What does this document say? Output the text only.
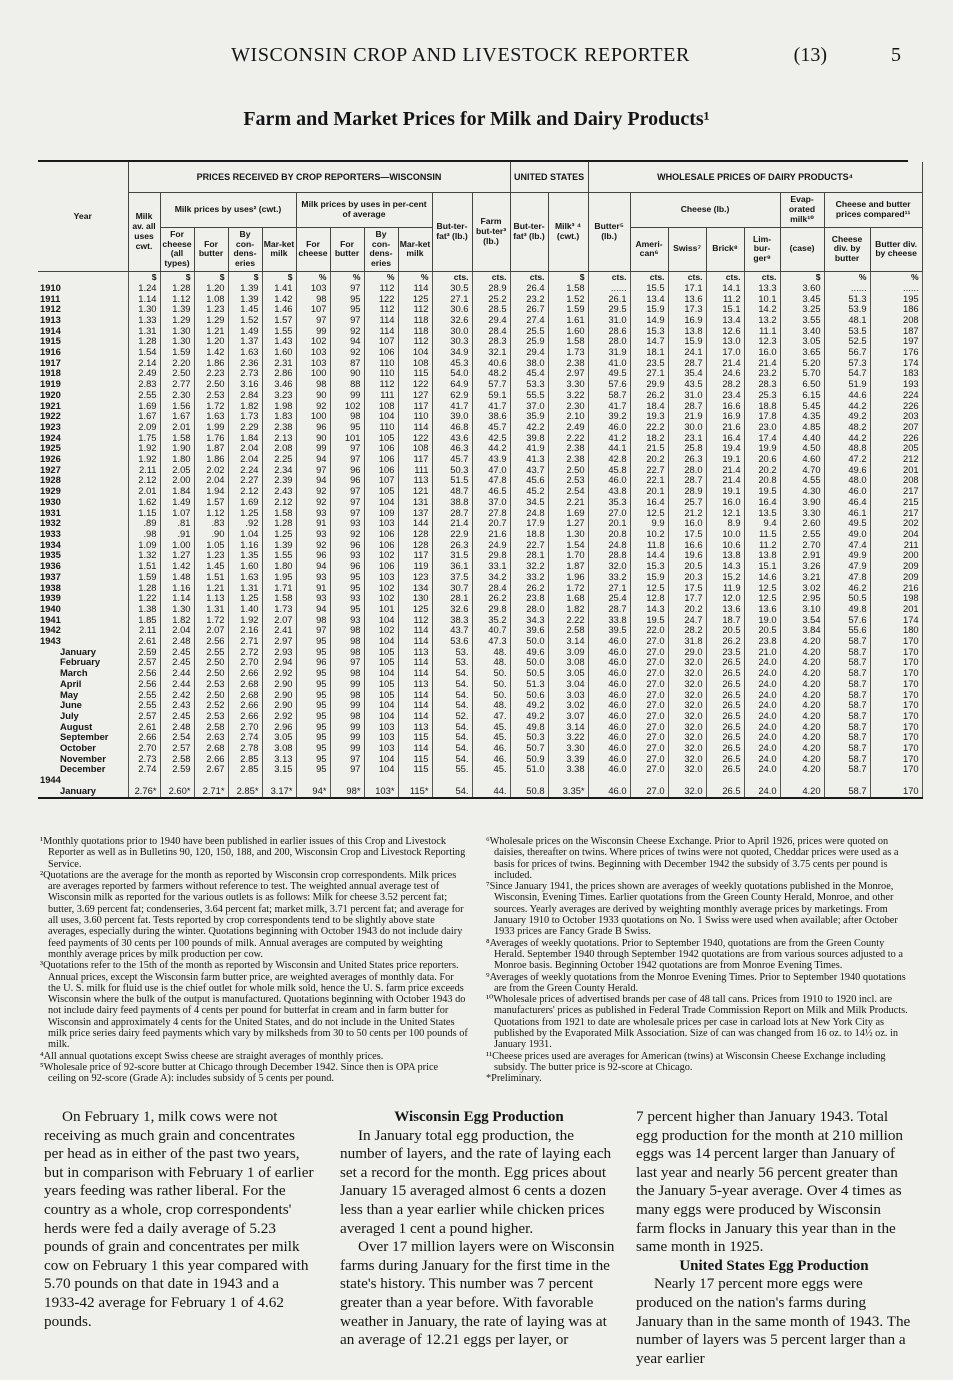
WISCONSIN CROP AND LIVESTOCK REPORTER	(13)	5
Farm and Market Prices for Milk and Dairy Products¹
Year	PRICES RECEIVED BY CROP REPORTERS—WISCONSIN											UNITED STATES		WHOLESALE PRICES OF DAIRY PRODUCTS⁴							
	Milk av. all uses cwt.	Milk prices by uses² (cwt.)				Milk prices by uses in per-cent of average				But-ter-fat³ (lb.)	Farm but-ter³ (lb.)	But-ter-fat³ (lb.)	Milk³ ⁴ (cwt.)	Butter⁵ (lb.)	Cheese (lb.)				Evap-orated milk¹⁰	Cheese and butter prices compared¹¹	
		For cheese (all types)	For butter	By con-dens-eries	Mar-ket milk	For cheese	For butter	By con-dens-eries	Mar-ket milk						Ameri-can⁶	Swiss⁷	Brick⁸	Lim-bur-ger⁹	(case)	Cheese div. by butter	Butter div. by cheese
	$	$	$	$	$	%	%	%	%	cts.	cts.	cts.	$	cts.	cts.	cts.	cts.	cts.	$	%	%
1910	1.24	1.28	1.20	1.39	1.41	103	97	112	114	30.5	28.9	26.4	1.58	......	15.5	17.1	14.1	13.3	3.60	......	......
1911	1.14	1.12	1.08	1.39	1.42	98	95	122	125	27.1	25.2	23.2	1.52	26.1	13.4	13.6	11.2	10.1	3.45	51.3	195
1912	1.30	1.39	1.23	1.45	1.46	107	95	112	112	30.6	28.5	26.7	1.59	29.5	15.9	17.3	15.1	14.2	3.25	53.9	186
1913	1.33	1.29	1.29	1.52	1.57	97	97	114	118	32.6	29.4	27.4	1.61	31.0	14.9	16.9	13.4	13.2	3.55	48.1	208
1914	1.31	1.30	1.21	1.49	1.55	99	92	114	118	30.0	28.4	25.5	1.60	28.6	15.3	13.8	12.6	11.1	3.40	53.5	187
1915	1.28	1.30	1.20	1.37	1.43	102	94	107	112	30.3	28.3	25.9	1.58	28.0	14.7	15.9	13.0	12.3	3.05	52.5	197
1916	1.54	1.59	1.42	1.63	1.60	103	92	106	104	34.9	32.1	29.4	1.73	31.9	18.1	24.1	17.0	16.0	3.65	56.7	176
1917	2.14	2.20	1.86	2.36	2.31	103	87	110	108	45.3	40.6	38.0	2.38	41.0	23.5	28.7	21.4	21.4	5.20	57.3	174
1918	2.49	2.50	2.23	2.73	2.86	100	90	110	115	54.0	48.2	45.4	2.97	49.5	27.1	35.4	24.6	23.2	5.70	54.7	183
1919	2.83	2.77	2.50	3.16	3.46	98	88	112	122	64.9	57.7	53.3	3.30	57.6	29.9	43.5	28.2	28.3	6.50	51.9	193
1920	2.55	2.30	2.53	2.84	3.23	90	99	111	127	62.9	59.1	55.5	3.22	58.7	26.2	31.0	23.4	25.3	6.15	44.6	224
1921	1.69	1.56	1.72	1.82	1.98	92	102	108	117	41.7	41.7	37.0	2.30	41.7	18.4	28.7	16.6	18.8	5.45	44.2	226
1922	1.67	1.67	1.63	1.73	1.83	100	98	104	110	39.0	38.6	35.9	2.10	39.2	19.3	21.9	16.9	17.8	4.35	49.2	203
1923	2.09	2.01	1.99	2.29	2.38	96	95	110	114	46.8	45.7	42.2	2.49	46.0	22.2	30.0	21.6	23.0	4.85	48.2	207
1924	1.75	1.58	1.76	1.84	2.13	90	101	105	122	43.6	42.5	39.8	2.22	41.2	18.2	23.1	16.4	17.4	4.40	44.2	226
1925	1.92	1.90	1.87	2.04	2.08	99	97	106	108	46.3	44.2	41.9	2.38	44.1	21.5	25.8	19.4	19.9	4.50	48.8	205
1926	1.92	1.80	1.86	2.04	2.25	94	97	106	117	45.7	43.9	41.3	2.38	42.8	20.2	26.3	19.1	20.6	4.60	47.2	212
1927	2.11	2.05	2.02	2.24	2.34	97	96	106	111	50.3	47.0	43.7	2.50	45.8	22.7	28.0	21.4	20.2	4.70	49.6	201
1928	2.12	2.00	2.04	2.27	2.39	94	96	107	113	51.5	47.8	45.6	2.53	46.0	22.1	28.7	21.4	20.8	4.55	48.0	208
1929	2.01	1.84	1.94	2.12	2.43	92	97	105	121	48.7	46.5	45.2	2.54	43.8	20.1	28.9	19.1	19.5	4.30	46.0	217
1930	1.62	1.49	1.57	1.69	2.12	92	97	104	131	38.8	37.0	34.5	2.21	35.3	16.4	25.7	16.0	16.4	3.90	46.4	215
1931	1.15	1.07	1.12	1.25	1.58	93	97	109	137	28.7	27.8	24.8	1.69	27.0	12.5	21.2	12.1	13.5	3.30	46.1	217
1932	.89	.81	.83	.92	1.28	91	93	103	144	21.4	20.7	17.9	1.27	20.1	9.9	16.0	8.9	9.4	2.60	49.5	202
1933	.98	.91	.90	1.04	1.25	93	92	106	128	22.9	21.6	18.8	1.30	20.8	10.2	17.5	10.0	11.5	2.55	49.0	204
1934	1.09	1.00	1.05	1.16	1.39	92	96	106	128	26.3	24.9	22.7	1.54	24.8	11.8	16.6	10.6	11.2	2.70	47.4	211
1935	1.32	1.27	1.23	1.35	1.55	96	93	102	117	31.5	29.8	28.1	1.70	28.8	14.4	19.6	13.8	13.8	2.91	49.9	200
1936	1.51	1.42	1.45	1.60	1.80	94	96	106	119	36.1	33.1	32.2	1.87	32.0	15.3	20.5	14.3	15.1	3.26	47.9	209
1937	1.59	1.48	1.51	1.63	1.95	93	95	103	123	37.5	34.2	33.2	1.96	33.2	15.9	20.3	15.2	14.6	3.21	47.8	209
1938	1.28	1.16	1.21	1.31	1.71	91	95	102	134	30.7	28.4	26.2	1.72	27.1	12.5	17.5	11.9	12.5	3.02	46.2	216
1939	1.22	1.14	1.13	1.25	1.58	93	93	102	130	28.1	26.2	23.8	1.68	25.4	12.8	17.7	12.0	12.5	2.95	50.5	198
1940	1.38	1.30	1.31	1.40	1.73	94	95	101	125	32.6	29.8	28.0	1.82	28.7	14.3	20.2	13.6	13.6	3.10	49.8	201
1941	1.85	1.82	1.72	1.92	2.07	98	93	104	112	38.3	35.2	34.3	2.22	33.8	19.5	24.7	18.7	19.0	3.54	57.6	174
1942	2.11	2.04	2.07	2.16	2.41	97	98	102	114	43.7	40.7	39.6	2.58	39.5	22.0	28.2	20.5	20.5	3.84	55.6	180
1943	2.61	2.48	2.56	2.71	2.97	95	98	104	114	53.6	47.3	50.0	3.14	46.0	27.0	31.8	26.2	23.8	4.20	58.7	170
January	2.59	2.45	2.55	2.72	2.93	95	98	105	113	53.	48.	49.6	3.09	46.0	27.0	29.0	23.5	21.0	4.20	58.7	170
February	2.57	2.45	2.50	2.70	2.94	96	97	105	114	53.	48.	50.0	3.08	46.0	27.0	32.0	26.5	24.0	4.20	58.7	170
March	2.56	2.44	2.50	2.66	2.92	95	98	104	114	54.	50.	50.5	3.05	46.0	27.0	32.0	26.5	24.0	4.20	58.7	170
April	2.56	2.44	2.53	2.68	2.90	95	99	105	113	54.	50.	51.3	3.04	46.0	27.0	32.0	26.5	24.0	4.20	58.7	170
May	2.55	2.42	2.50	2.68	2.90	95	98	105	114	54.	50.	50.6	3.03	46.0	27.0	32.0	26.5	24.0	4.20	58.7	170
June	2.55	2.43	2.52	2.66	2.90	95	99	104	114	54.	48.	49.2	3.02	46.0	27.0	32.0	26.5	24.0	4.20	58.7	170
July	2.57	2.45	2.53	2.66	2.92	95	98	104	114	52.	47.	49.2	3.07	46.0	27.0	32.0	26.5	24.0	4.20	58.7	170
August	2.61	2.48	2.58	2.70	2.96	95	99	103	113	54.	45.	49.8	3.14	46.0	27.0	32.0	26.5	24.0	4.20	58.7	170
September	2.66	2.54	2.63	2.74	3.05	95	99	103	115	54.	45.	50.3	3.22	46.0	27.0	32.0	26.5	24.0	4.20	58.7	170
October	2.70	2.57	2.68	2.78	3.08	95	99	103	114	54.	46.	50.7	3.30	46.0	27.0	32.0	26.5	24.0	4.20	58.7	170
November	2.73	2.58	2.66	2.85	3.13	95	97	104	115	54.	46.	50.9	3.39	46.0	27.0	32.0	26.5	24.0	4.20	58.7	170
December	2.74	2.59	2.67	2.85	3.15	95	97	104	115	55.	45.	51.0	3.38	46.0	27.0	32.0	26.5	24.0	4.20	58.7	170
1944																					
January	2.76*	2.60*	2.71*	2.85*	3.17*	94*	98*	103*	115*	54.	44.	50.8	3.35*	46.0	27.0	32.0	26.5	24.0	4.20	58.7	170

¹Monthly quotations prior to 1940 have been published in earlier issues of this Crop and Livestock Reporter as well as in Bulletins 90, 120, 150, 188, and 200, Wisconsin Crop and Livestock Reporting Service.

²Quotations are the average for the month as reported by Wisconsin crop correspondents. Milk prices are averages reported by farmers without reference to test. The weighted annual average test of Wisconsin milk as reported for the various outlets is as follows: Milk for cheese 3.52 percent fat; butter, 3.69 percent fat; condenseries, 3.64 percent fat; market milk, 3.71 percent fat; and average for all uses, 3.60 percent fat. Tests reported by crop correspondents tend to be slightly above state averages, especially during the winter. Quotations beginning with October 1943 do not include dairy feed payments of 30 cents per 100 pounds of milk. Annual averages are computed by weighting monthly average prices by milk production per cow.

³Quotations refer to the 15th of the month as reported by Wisconsin and United States price reporters. Annual prices, except the Wisconsin farm butter price, are weighted averages of monthly data. For the U. S. milk for fluid use is the chief outlet for whole milk sold, hence the U. S. farm price exceeds Wisconsin where the bulk of the output is manufactured. Quotations beginning with October 1943 do not include dairy feed payments of 4 cents per pound for butterfat in cream and in farm butter for Wisconsin and approximately 4 cents for the United States, and do not include in the United States milk price series dairy feed payments which vary by milksheds from 30 to 50 cents per 100 pounds of milk.

⁴All annual quotations except Swiss cheese are straight averages of monthly prices.

⁵Wholesale price of 92-score butter at Chicago through December 1942. Since then is OPA price ceiling on 92-score (Grade A): includes subsidy of 5 cents per pound.

⁶Wholesale prices on the Wisconsin Cheese Exchange. Prior to April 1926, prices were quoted on daisies, thereafter on twins. Where prices of twins were not quoted, Cheddar prices were used as a basis for prices of twins. Beginning with December 1942 the subsidy of 3.75 cents per pound is included.

⁷Since January 1941, the prices shown are averages of weekly quotations published in the Monroe, Wisconsin, Evening Times. Earlier quotations from the Green County Herald, Monroe, and other sources. Yearly averages are derived by weighting monthly average prices by marketings. From January 1910 to October 1933 quotations on No. 1 Swiss were used when available; after October 1933 prices are Fancy Grade B Swiss.

⁸Averages of weekly quotations. Prior to September 1940, quotations are from the Green County Herald. September 1940 through September 1942 quotations are from various sources adjusted to a Monroe basis. Beginning October 1942 quotations are from Monroe Evening Times.

⁹Averages of weekly quotations from the Monroe Evening Times. Prior to September 1940 quotations are from the Green County Herald.

¹⁰Wholesale prices of advertised brands per case of 48 tall cans. Prices from 1910 to 1920 incl. are manufacturers' prices as published in Federal Trade Commission Report on Milk and Milk Products. Quotations from 1921 to date are wholesale prices per case in carload lots at New York City as published by the Evaporated Milk Association. Size of can was changed from 16 oz. to 14½ oz. in January 1931.

¹¹Cheese prices used are averages for American (twins) at Wisconsin Cheese Exchange including subsidy. The butter price is 92-score at Chicago.

*Preliminary.

On February 1, milk cows were not receiving as much grain and concentrates per head as in either of the past two years, but in comparison with February 1 of earlier years feeding was rather liberal. For the country as a whole, crop correspondents' herds were fed a daily average of 5.23 pounds of grain and concentrates per milk cow on February 1 this year compared with 5.70 pounds on that date in 1943 and a 1933-42 average for February 1 of 4.62 pounds.

Wisconsin Egg Production

In January total egg production, the number of layers, and the rate of laying each set a record for the month. Egg prices about January 15 averaged almost 6 cents a dozen less than a year earlier while chicken prices averaged 1 cent a pound higher.

Over 17 million layers were on Wisconsin farms during January for the first time in the state's history. This number was 7 percent greater than a year before. With favorable weather in January, the rate of laying was at an average of 12.21 eggs per layer, or

7 percent higher than January 1943. Total egg production for the month at 210 million eggs was 14 percent larger than January of last year and nearly 56 percent greater than the January 5-year average. Over 4 times as many eggs were produced by Wisconsin farm flocks in January this year than in the same month in 1925.

United States Egg Production

Nearly 17 percent more eggs were produced on the nation's farms during January than in the same month of 1943. The number of layers was 5 percent larger than a year earlier
